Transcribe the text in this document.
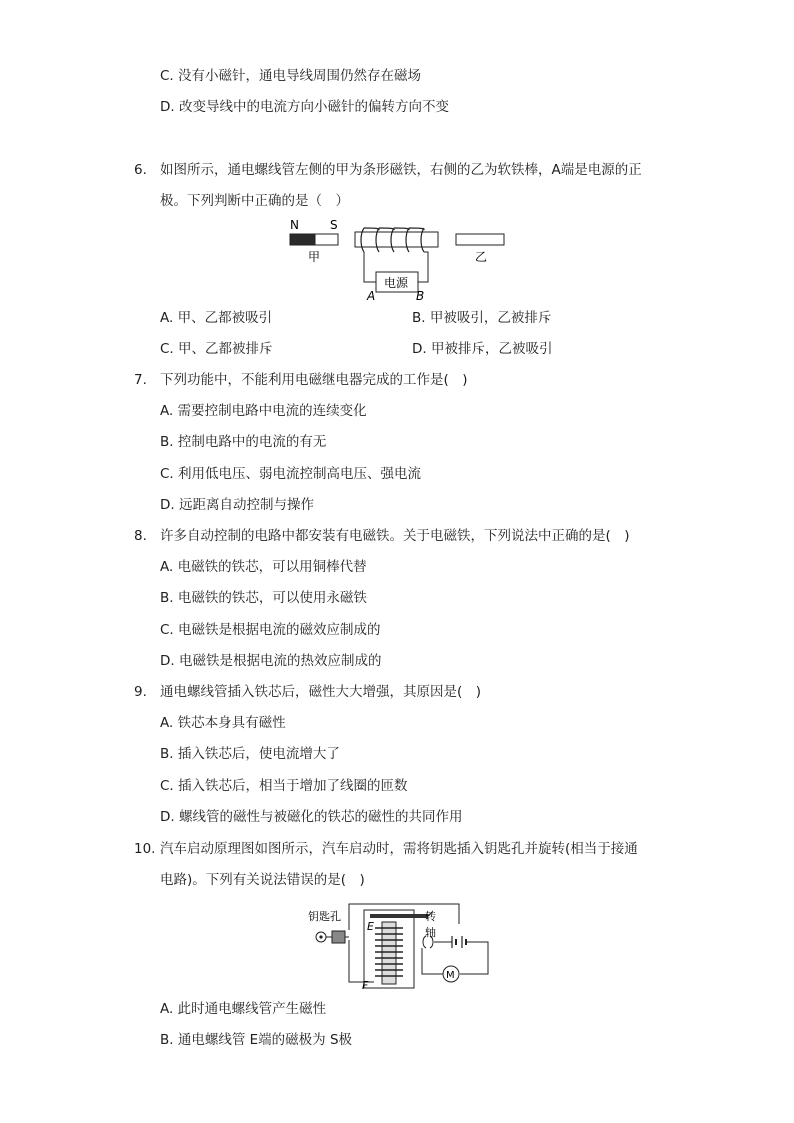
C. 没有小磁针，通电导线周围仍然存在磁场
D. 改变导线中的电流方向小磁针的偏转方向不变
6. 如图所示，通电螺线管左侧的甲为条形磁铁，右侧的乙为软铁棒，A端是电源的正
极。下列判断中正确的是（　）
N	S
甲
电源
A	B
乙
A. 甲、乙都被吸引	B. 甲被吸引，乙被排斥
C. 甲、乙都被排斥	D. 甲被排斥，乙被吸引
7. 下列功能中，不能利用电磁继电器完成的工作是(　)
A. 需要控制电路中电流的连续变化
B. 控制电路中的电流的有无
C. 利用低电压、弱电流控制高电压、强电流
D. 远距离自动控制与操作
8. 许多自动控制的电路中都安装有电磁铁。关于电磁铁，下列说法中正确的是(　)
A. 电磁铁的铁芯，可以用铜棒代替
B. 电磁铁的铁芯，可以使用永磁铁
C. 电磁铁是根据电流的磁效应制成的
D. 电磁铁是根据电流的热效应制成的
9. 通电螺线管插入铁芯后，磁性大大增强，其原因是(　)
A. 铁芯本身具有磁性
B. 插入铁芯后，使电流增大了
C. 插入铁芯后，相当于增加了线圈的匝数
D. 螺线管的磁性与被磁化的铁芯的磁性的共同作用
10. 汽车启动原理图如图所示，汽车启动时，需将钥匙插入钥匙孔并旋转(相当于接通
电路)。下列有关说法错误的是(　)
钥匙孔
E
F
转
轴
M
A. 此时通电螺线管产生磁性
B. 通电螺线管 E端的磁极为 S极
